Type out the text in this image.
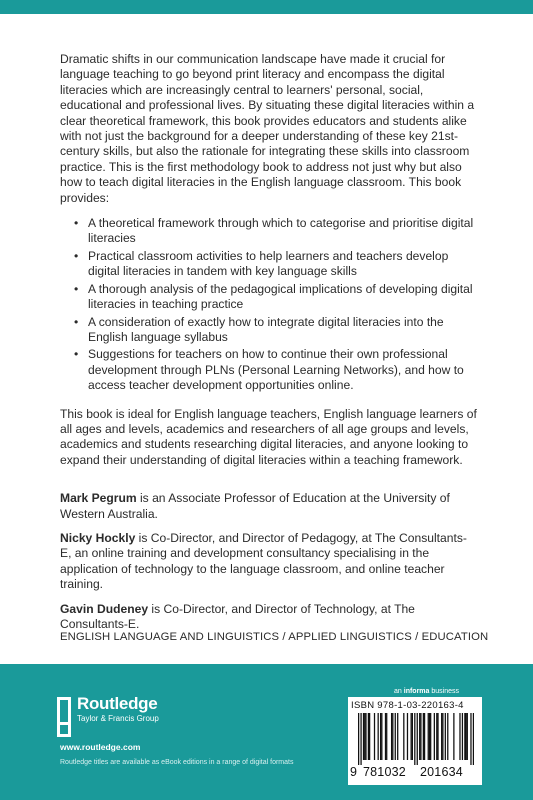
Dramatic shifts in our communication landscape have made it crucial for language teaching to go beyond print literacy and encompass the digital literacies which are increasingly central to learners' personal, social, educational and professional lives. By situating these digital literacies within a clear theoretical framework, this book provides educators and students alike with not just the background for a deeper understanding of these key 21st-century skills, but also the rationale for integrating these skills into classroom practice. This is the first methodology book to address not just why but also how to teach digital literacies in the English language classroom. This book provides:

• A theoretical framework through which to categorise and prioritise digital literacies
• Practical classroom activities to help learners and teachers develop digital literacies in tandem with key language skills
• A thorough analysis of the pedagogical implications of developing digital literacies in teaching practice
• A consideration of exactly how to integrate digital literacies into the English language syllabus
• Suggestions for teachers on how to continue their own professional development through PLNs (Personal Learning Networks), and how to access teacher development opportunities online.

This book is ideal for English language teachers, English language learners of all ages and levels, academics and researchers of all age groups and levels, academics and students researching digital literacies, and anyone looking to expand their understanding of digital literacies within a teaching framework.

Mark Pegrum is an Associate Professor of Education at the University of Western Australia.

Nicky Hockly is Co-Director, and Director of Pedagogy, at The Consultants-E, an online training and development consultancy specialising in the application of technology to the language classroom, and online teacher training.

Gavin Dudeney is Co-Director, and Director of Technology, at The Consultants-E.

ENGLISH LANGUAGE AND LINGUISTICS / APPLIED LINGUISTICS / EDUCATION
an informa business
Routledge
Taylor & Francis Group
www.routledge.com
Routledge titles are available as eBook editions in a range of digital formats
ISBN 978-1-03-220163-4
9 781032 201634
